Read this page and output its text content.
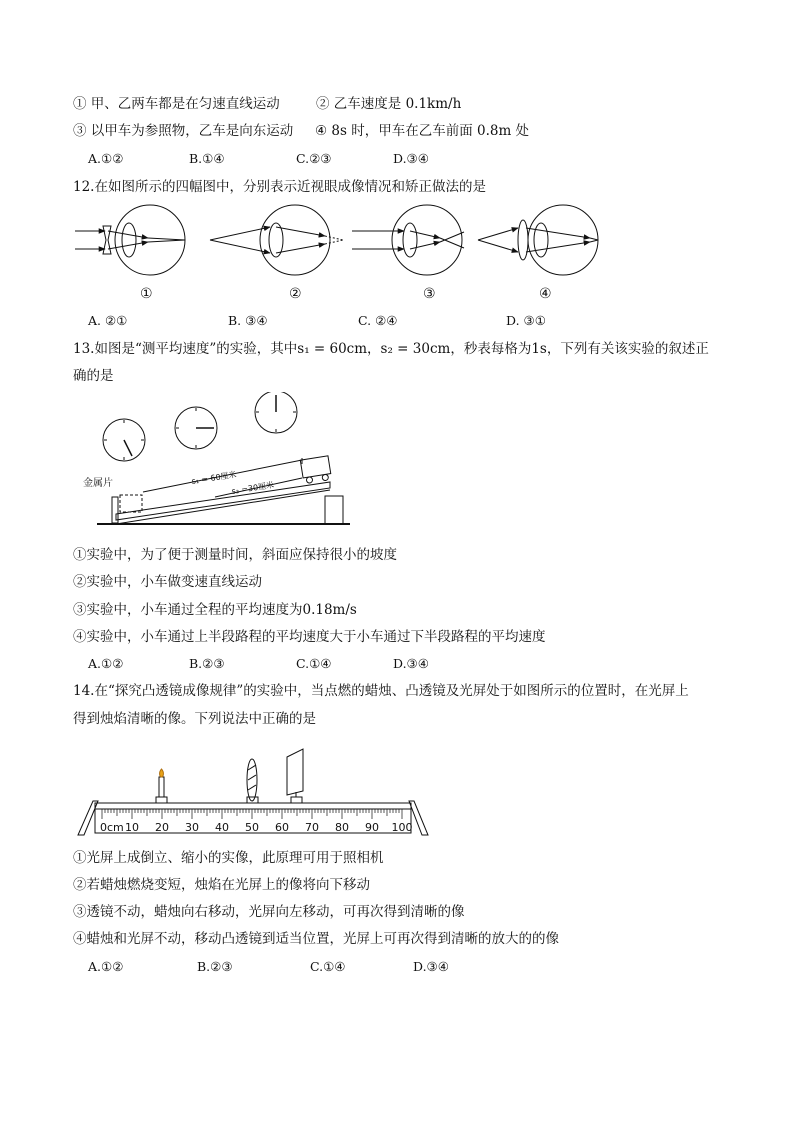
① 甲、乙两车都是在匀速直线运动	② 乙车速度是 0.1km/h
③ 以甲车为参照物，乙车是向东运动 ④ 8s 时，甲车在乙车前面 0.8m 处
A.①②	B.①④	C.②③	D.③④
12.在如图所示的四幅图中，分别表示近视眼成像情况和矫正做法的是
①	②	③	④
A. ②①	B. ③④	C. ②④	D. ③①
13.如图是“测平均速度”的实验，其中s₁ = 60cm，s₂ = 30cm，秒表每格为1s，下列有关该实验的叙述正
确的是
金属片	s₁ = 60厘米
s₂ =30厘米
①实验中，为了便于测量时间，斜面应保持很小的坡度
②实验中，小车做变速直线运动
③实验中，小车通过全程的平均速度为0.18m/s
④实验中，小车通过上半段路程的平均速度大于小车通过下半段路程的平均速度
A.①②	B.②③	C.①④	D.③④
14.在“探究凸透镜成像规律”的实验中，当点燃的蜡烛、凸透镜及光屏处于如图所示的位置时，在光屏上
得到烛焰清晰的像。下列说法中正确的是
0cm 10 20 30 40 50 60 70 80 90 100
①光屏上成倒立、缩小的实像，此原理可用于照相机
②若蜡烛燃烧变短，烛焰在光屏上的像将向下移动
③透镜不动，蜡烛向右移动，光屏向左移动，可再次得到清晰的像
④蜡烛和光屏不动，移动凸透镜到适当位置，光屏上可再次得到清晰的放大的的像
A.①②	B.②③	C.①④	D.③④
